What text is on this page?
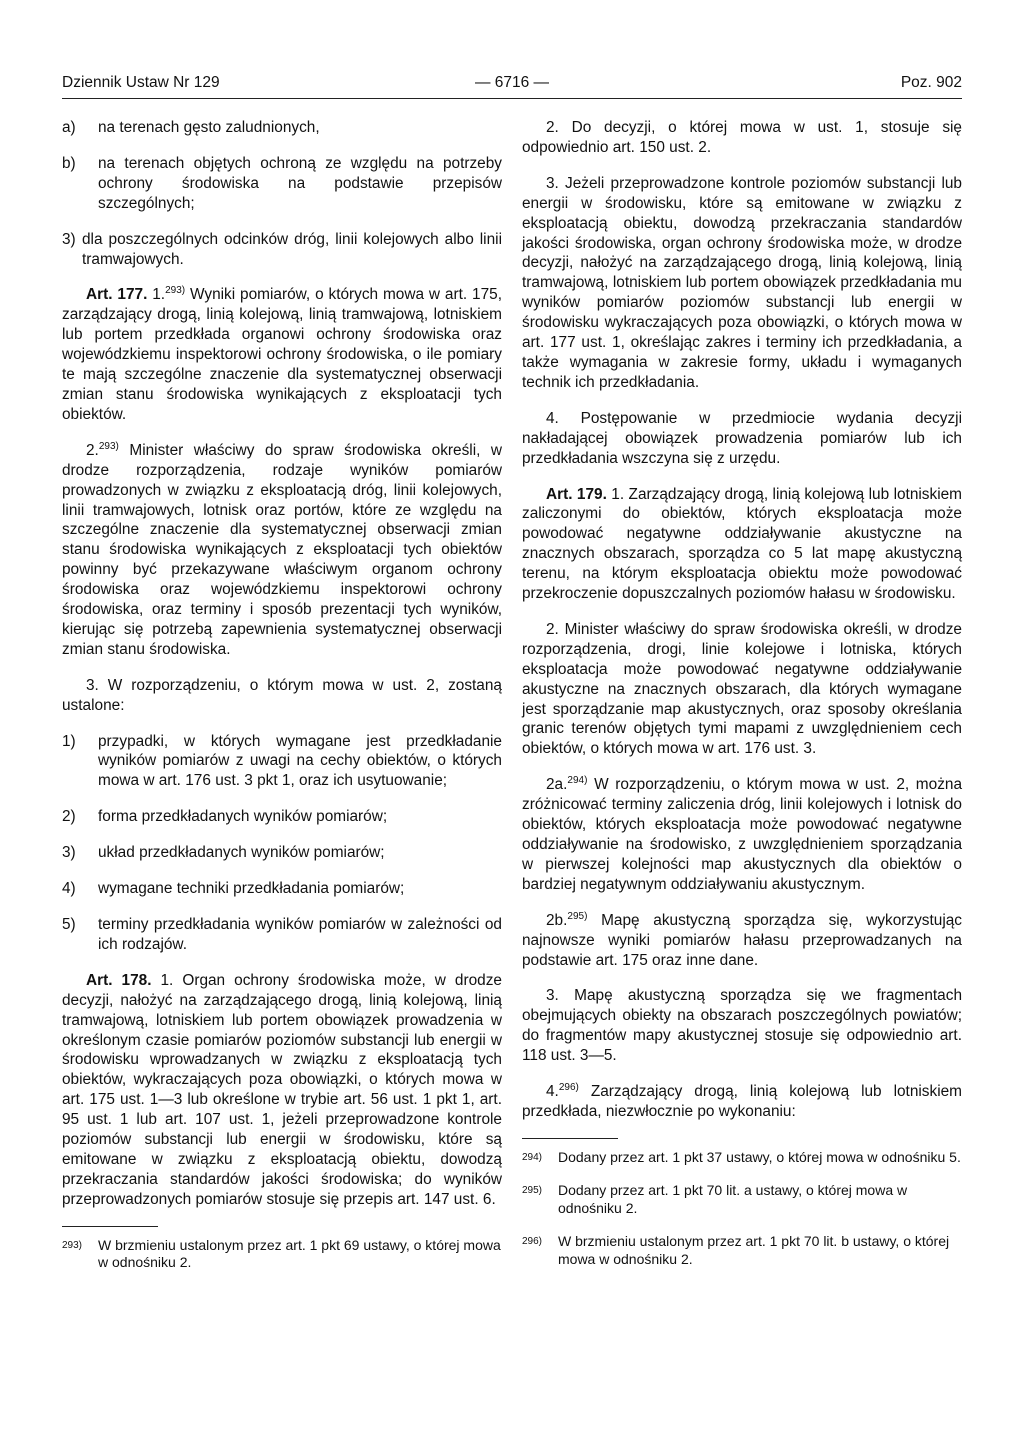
Dziennik Ustaw Nr 129	— 6716 —	Poz. 902

a) na terenach gęsto zaludnionych,

b) na terenach objętych ochroną ze względu na potrzeby ochrony środowiska na podstawie przepisów szczególnych;

3) dla poszczególnych odcinków dróg, linii kolejowych albo linii tramwajowych.

Art. 177. 1.$^{293)}$ Wyniki pomiarów, o których mowa w art. 175, zarządzający drogą, linią kolejową, linią tramwajową, lotniskiem lub portem przedkłada organowi ochrony środowiska oraz wojewódzkiemu inspektorowi ochrony środowiska, o ile pomiary te mają szczególne znaczenie dla systematycznej obserwacji zmian stanu środowiska wynikających z eksploatacji tych obiektów.

2.$^{293)}$ Minister właściwy do spraw środowiska określi, w drodze rozporządzenia, rodzaje wyników pomiarów prowadzonych w związku z eksploatacją dróg, linii kolejowych, linii tramwajowych, lotnisk oraz portów, które ze względu na szczególne znaczenie dla systematycznej obserwacji zmian stanu środowiska wynikających z eksploatacji tych obiektów powinny być przekazywane właściwym organom ochrony środowiska oraz wojewódzkiemu inspektorowi ochrony środowiska, oraz terminy i sposób prezentacji tych wyników, kierując się potrzebą zapewnienia systematycznej obserwacji zmian stanu środowiska.

3. W rozporządzeniu, o którym mowa w ust. 2, zostaną ustalone:

1) przypadki, w których wymagane jest przedkładanie wyników pomiarów z uwagi na cechy obiektów, o których mowa w art. 176 ust. 3 pkt 1, oraz ich usytuowanie;

2) forma przedkładanych wyników pomiarów;

3) układ przedkładanych wyników pomiarów;

4) wymagane techniki przedkładania pomiarów;

5) terminy przedkładania wyników pomiarów w zależności od ich rodzajów.

Art. 178. 1. Organ ochrony środowiska może, w drodze decyzji, nałożyć na zarządzającego drogą, linią kolejową, linią tramwajową, lotniskiem lub portem obowiązek prowadzenia w określonym czasie pomiarów poziomów substancji lub energii w środowisku wprowadzanych w związku z eksploatacją tych obiektów, wykraczających poza obowiązki, o których mowa w art. 175 ust. 1—3 lub określone w trybie art. 56 ust. 1 pkt 1, art. 95 ust. 1 lub art. 107 ust. 1, jeżeli przeprowadzone kontrole poziomów substancji lub energii w środowisku, które są emitowane w związku z eksploatacją obiektu, dowodzą przekraczania standardów jakości środowiska; do wyników przeprowadzonych pomiarów stosuje się przepis art. 147 ust. 6.

293) W brzmieniu ustalonym przez art. 1 pkt 69 ustawy, o której mowa w odnośniku 2.

2. Do decyzji, o której mowa w ust. 1, stosuje się odpowiednio art. 150 ust. 2.

3. Jeżeli przeprowadzone kontrole poziomów substancji lub energii w środowisku, które są emitowane w związku z eksploatacją obiektu, dowodzą przekraczania standardów jakości środowiska, organ ochrony środowiska może, w drodze decyzji, nałożyć na zarządzającego drogą, linią kolejową, linią tramwajową, lotniskiem lub portem obowiązek przedkładania mu wyników pomiarów poziomów substancji lub energii w środowisku wykraczających poza obowiązki, o których mowa w art. 177 ust. 1, określając zakres i terminy ich przedkładania, a także wymagania w zakresie formy, układu i wymaganych technik ich przedkładania.

4. Postępowanie w przedmiocie wydania decyzji nakładającej obowiązek prowadzenia pomiarów lub ich przedkładania wszczyna się z urzędu.

Art. 179. 1. Zarządzający drogą, linią kolejową lub lotniskiem zaliczonymi do obiektów, których eksploatacja może powodować negatywne oddziaływanie akustyczne na znacznych obszarach, sporządza co 5 lat mapę akustyczną terenu, na którym eksploatacja obiektu może powodować przekroczenie dopuszczalnych poziomów hałasu w środowisku.

2. Minister właściwy do spraw środowiska określi, w drodze rozporządzenia, drogi, linie kolejowe i lotniska, których eksploatacja może powodować negatywne oddziaływanie akustyczne na znacznych obszarach, dla których wymagane jest sporządzanie map akustycznych, oraz sposoby określania granic terenów objętych tymi mapami z uwzględnieniem cech obiektów, o których mowa w art. 176 ust. 3.

2a.$^{294)}$ W rozporządzeniu, o którym mowa w ust. 2, można zróżnicować terminy zaliczenia dróg, linii kolejowych i lotnisk do obiektów, których eksploatacja może powodować negatywne oddziaływanie na środowisko, z uwzględnieniem sporządzania w pierwszej kolejności map akustycznych dla obiektów o bardziej negatywnym oddziaływaniu akustycznym.

2b.$^{295)}$ Mapę akustyczną sporządza się, wykorzystując najnowsze wyniki pomiarów hałasu przeprowadzanych na podstawie art. 175 oraz inne dane.

3. Mapę akustyczną sporządza się we fragmentach obejmujących obiekty na obszarach poszczególnych powiatów; do fragmentów mapy akustycznej stosuje się odpowiednio art. 118 ust. 3—5.

4.$^{296)}$ Zarządzający drogą, linią kolejową lub lotniskiem przedkłada, niezwłocznie po wykonaniu:

294) Dodany przez art. 1 pkt 37 ustawy, o której mowa w odnośniku 5.

295) Dodany przez art. 1 pkt 70 lit. a ustawy, o której mowa w odnośniku 2.

296) W brzmieniu ustalonym przez art. 1 pkt 70 lit. b ustawy, o której mowa w odnośniku 2.
